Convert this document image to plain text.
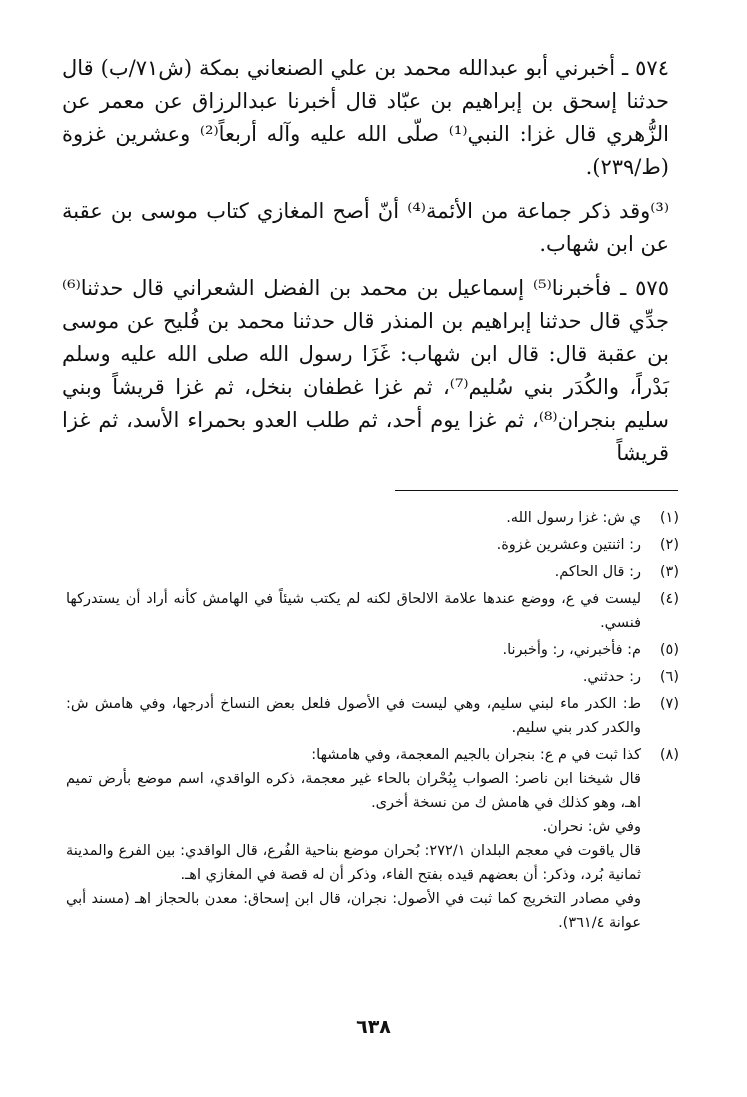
٥٧٤ ـ أخبرني أبو عبدالله محمد بن علي الصنعاني بمكة (ش٧١/ب) قال حدثنا إسحق بن إبراهيم بن عبّاد قال أخبرنا عبدالرزاق عن معمر عن الزُّهري قال غزا: النبي⁽¹⁾ صلّى الله عليه وآله أربعاً⁽²⁾ وعشرين غزوة (ط/٢٣٩).

⁽³⁾وقد ذكر جماعة من الأئمة⁽⁴⁾ أنّ أصح المغازي كتاب موسى بن عقبة عن ابن شهاب.

٥٧٥ ـ فأخبرنا⁽⁵⁾ إسماعيل بن محمد بن الفضل الشعراني قال حدثنا⁽⁶⁾ جدِّي قال حدثنا إبراهيم بن المنذر قال حدثنا محمد بن فُليح عن موسى بن عقبة قال: قال ابن شهاب: غَزَا رسول الله صلى الله عليه وسلم بَدْراً، والكُدَر بني سُليم⁽⁷⁾، ثم غزا غطفان بنخل، ثم غزا قريشاً وبني سليم بنجران⁽⁸⁾، ثم غزا يوم أحد، ثم طلب العدو بحمراء الأسد، ثم غزا قريشاً

(١)
ي ش: غزا رسول الله.
(٢)
ر: اثنتين وعشرين غزوة.
(٣)
ر: قال الحاكم.
(٤)
ليست في ع، ووضع عندها علامة الالحاق لكنه لم يكتب شيئاً في الهامش كأنه أراد أن يستدركها فنسي.
(٥)
م: فأخبرني، ر: وأخبرنا.
(٦)
ر: حدثني.
(٧)
ط: الكدر ماء لبني سليم، وهي ليست في الأصول فلعل بعض النساخ أدرجها، وفي هامش ش: والكدر كدر بني سليم.
(٨)
كذا ثبت في م ع: بنجران بالجيم المعجمة، وفي هامشها:
قال شيخنا ابن ناصر: الصواب بِبُحْران بالحاء غير معجمة، ذكره الواقدي، اسم موضع بأرض تميم اهـ، وهو كذلك في هامش ك من نسخة أخرى.
وفي ش: نحران.
قال ياقوت في معجم البلدان ٢٧٢/١: بُحران موضع بناحية الفُرع، قال الواقدي: بين الفرع والمدينة ثمانية بُرد، وذكر: أن بعضهم قيده بفتح الفاء، وذكر أن له قصة في المغازي اهـ.
وفي مصادر التخريج كما ثبت في الأصول: نجران، قال ابن إسحاق: معدن بالحجاز اهـ (مسند أبي عوانة ٣٦١/٤).
٦٣٨
